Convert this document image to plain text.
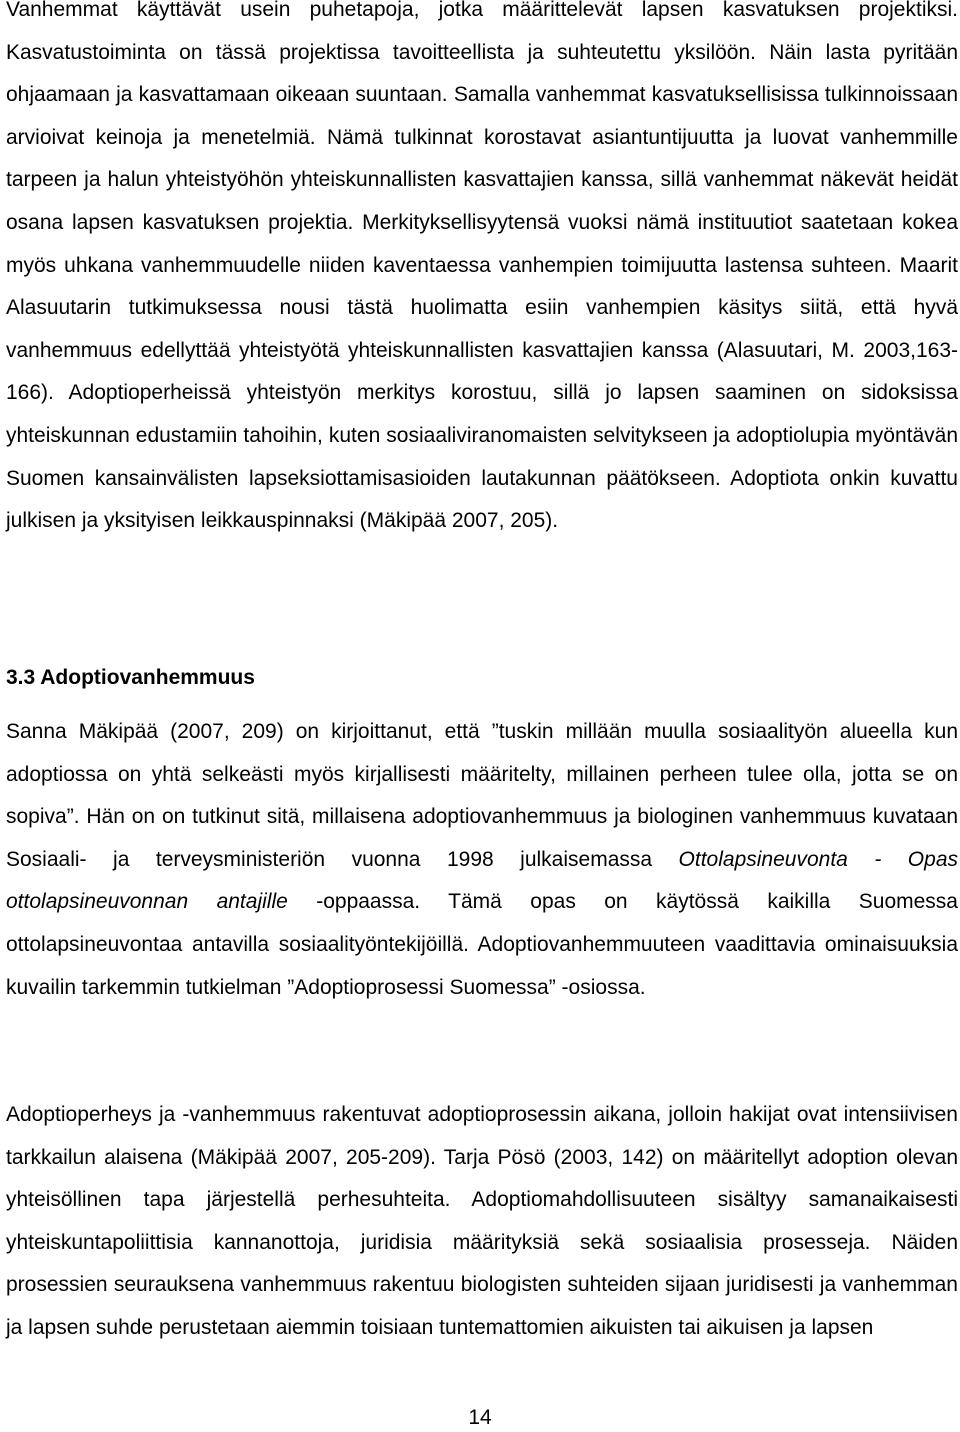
Vanhemmat käyttävät usein puhetapoja, jotka määrittelevät lapsen kasvatuksen projektiksi. Kasvatustoiminta on tässä projektissa tavoitteellista ja suhteutettu yksilöön. Näin lasta pyritään ohjaamaan ja kasvattamaan oikeaan suuntaan. Samalla vanhemmat kasvatuksellisissa tulkinnoissaan arvioivat keinoja ja menetelmiä. Nämä tulkinnat korostavat asiantuntijuutta ja luovat vanhemmille tarpeen ja halun yhteistyöhön yhteiskunnallisten kasvattajien kanssa, sillä vanhemmat näkevät heidät osana lapsen kasvatuksen projektia. Merkityksellisyytensä vuoksi nämä instituutiot saatetaan kokea myös uhkana vanhemmuudelle niiden kaventaessa vanhempien toimijuutta lastensa suhteen. Maarit Alasuutarin tutkimuksessa nousi tästä huolimatta esiin vanhempien käsitys siitä, että hyvä vanhemmuus edellyttää yhteistyötä yhteiskunnallisten kasvattajien kanssa (Alasuutari, M. 2003,163-166). Adoptioperheissä yhteistyön merkitys korostuu, sillä jo lapsen saaminen on sidoksissa yhteiskunnan edustamiin tahoihin, kuten sosiaaliviranomaisten selvitykseen ja adoptiolupia myöntävän Suomen kansainvälisten lapseksiottamisasioiden lautakunnan päätökseen. Adoptiota onkin kuvattu julkisen ja yksityisen leikkauspinnaksi (Mäkipää 2007, 205).

3.3 Adoptiovanhemmuus

Sanna Mäkipää (2007, 209) on kirjoittanut, että ”tuskin millään muulla sosiaalityön alueella kun adoptiossa on yhtä selkeästi myös kirjallisesti määritelty, millainen perheen tulee olla, jotta se on sopiva”. Hän on on tutkinut sitä, millaisena adoptiovanhemmuus ja biologinen vanhemmuus kuvataan Sosiaali- ja terveysministeriön vuonna 1998 julkaisemassa Ottolapsineuvonta - Opas ottolapsineuvonnan antajille -oppaassa. Tämä opas on käytössä kaikilla Suomessa ottolapsineuvontaa antavilla sosiaalityöntekijöillä. Adoptiovanhemmuuteen vaadittavia ominaisuuksia kuvailin tarkemmin tutkielman ”Adoptioprosessi Suomessa” -osiossa.

Adoptioperheys ja -vanhemmuus rakentuvat adoptioprosessin aikana, jolloin hakijat ovat intensiivisen tarkkailun alaisena (Mäkipää 2007, 205-209). Tarja Pösö (2003, 142) on määritellyt adoption olevan yhteisöllinen tapa järjestellä perhesuhteita. Adoptiomahdollisuuteen sisältyy samanaikaisesti yhteiskuntapoliittisia kannanottoja, juridisia määrityksiä sekä sosiaalisia prosesseja. Näiden prosessien seurauksena vanhemmuus rakentuu biologisten suhteiden sijaan juridisesti ja vanhemman ja lapsen suhde perustetaan aiemmin toisiaan tuntemattomien aikuisten tai aikuisen ja lapsen

14
